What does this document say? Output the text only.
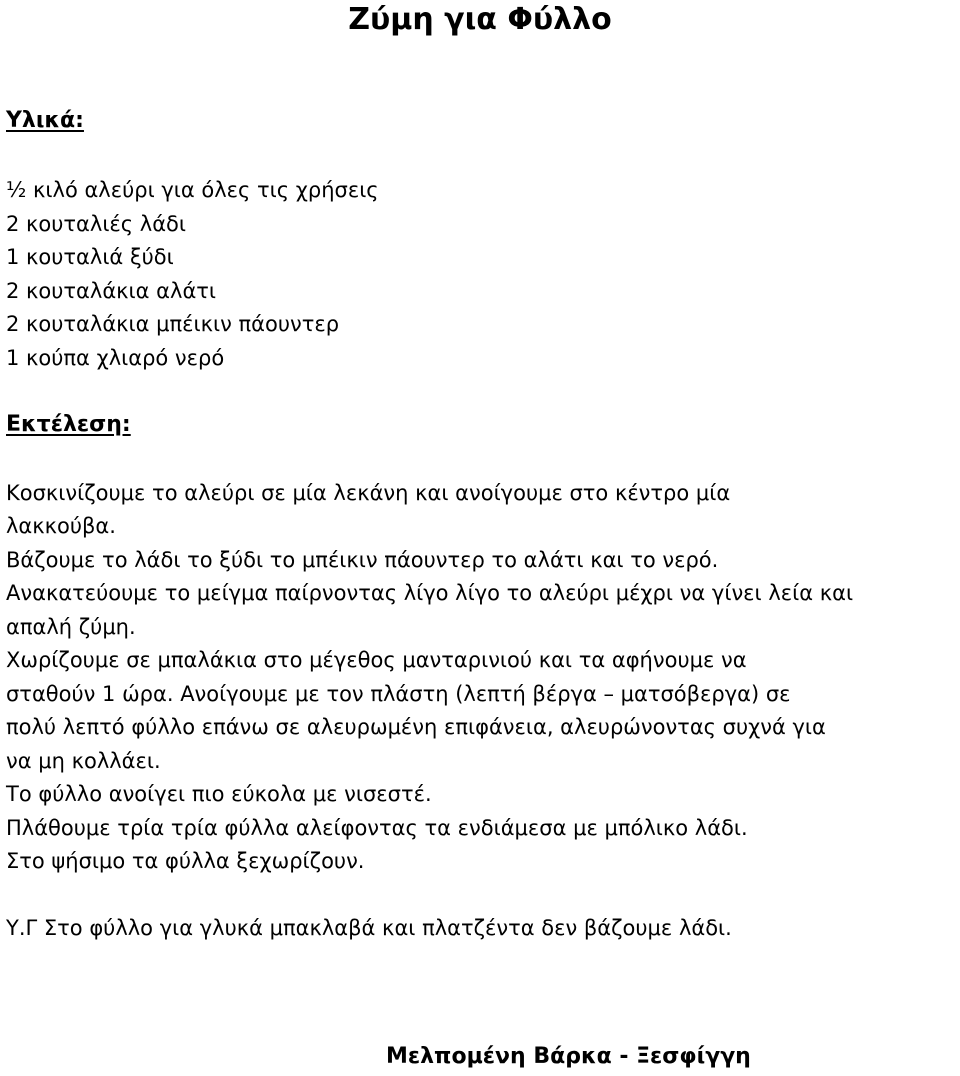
Ζύμη για Φύλλο
Υλικά:
½ κιλό αλεύρι για όλες τις χρήσεις
2 κουταλιές λάδι
1 κουταλιά ξύδι
2 κουταλάκια αλάτι
2 κουταλάκια μπέικιν πάουντερ
1 κούπα χλιαρό νερό
Εκτέλεση:
Κοσκινίζουμε το αλεύρι σε μία λεκάνη και ανοίγουμε στο κέντρο μία
λακκούβα.
Βάζουμε το λάδι το ξύδι το μπέικιν πάουντερ το αλάτι και το νερό.
Ανακατεύουμε το μείγμα παίρνοντας λίγο λίγο το αλεύρι μέχρι να γίνει λεία και
απαλή ζύμη.
Χωρίζουμε σε μπαλάκια στο μέγεθος μανταρινιού και τα αφήνουμε να
σταθούν 1 ώρα. Ανοίγουμε με τον πλάστη (λεπτή βέργα – ματσόβεργα) σε
πολύ λεπτό φύλλο επάνω σε αλευρωμένη επιφάνεια, αλευρώνοντας συχνά για
να μη κολλάει.
Το φύλλο ανοίγει πιο εύκολα με νισεστέ.
Πλάθουμε τρία τρία φύλλα αλείφοντας τα ενδιάμεσα με μπόλικο λάδι.
Στο ψήσιμο τα φύλλα ξεχωρίζουν.
Υ.Γ Στο φύλλο για γλυκά μπακλαβά και πλατζέντα δεν βάζουμε λάδι.
Μελπομένη Βάρκα - Ξεσφίγγη
